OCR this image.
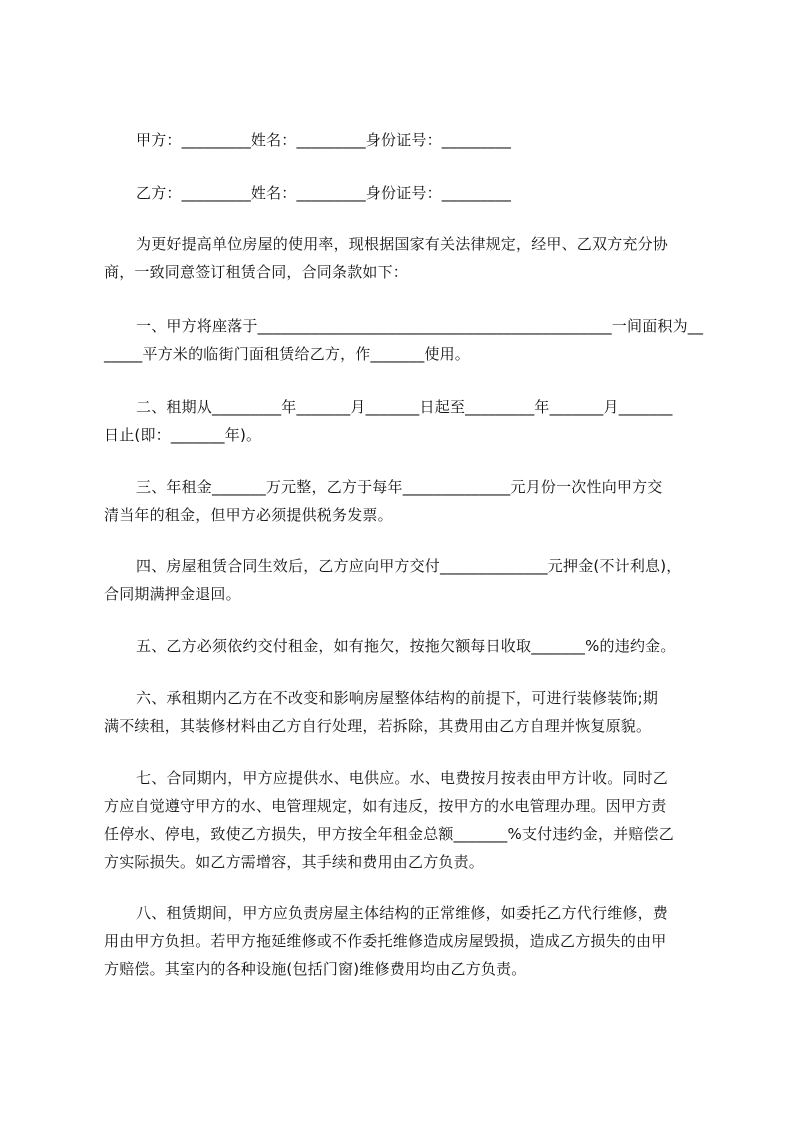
甲方：_________姓名：_________身份证号：_________
乙方：_________姓名：_________身份证号：_________
为更好提高单位房屋的使用率，现根据国家有关法律规定，经甲、乙双方充分协
商，一致同意签订租赁合同，合同条款如下：
一、甲方将座落于______________________________________________一间面积为__
_____平方米的临街门面租赁给乙方，作_______使用。
二、租期从_________年_______月_______日起至_________年_______月_______
日止(即：_______年)。
三、年租金_______万元整，乙方于每年______________元月份一次性向甲方交
清当年的租金，但甲方必须提供税务发票。
四、房屋租赁合同生效后，乙方应向甲方交付______________元押金(不计利息)，
合同期满押金退回。
五、乙方必须依约交付租金，如有拖欠，按拖欠额每日收取_______%的违约金。
六、承租期内乙方在不改变和影响房屋整体结构的前提下，可进行装修装饰;期
满不续租，其装修材料由乙方自行处理，若拆除，其费用由乙方自理并恢复原貌。
七、合同期内，甲方应提供水、电供应。水、电费按月按表由甲方计收。同时乙
方应自觉遵守甲方的水、电管理规定，如有违反，按甲方的水电管理办理。因甲方责
任停水、停电，致使乙方损失，甲方按全年租金总额_______%支付违约金，并赔偿乙
方实际损失。如乙方需增容，其手续和费用由乙方负责。
八、租赁期间，甲方应负责房屋主体结构的正常维修，如委托乙方代行维修，费
用由甲方负担。若甲方拖延维修或不作委托维修造成房屋毁损，造成乙方损失的由甲
方赔偿。其室内的各种设施(包括门窗)维修费用均由乙方负责。
